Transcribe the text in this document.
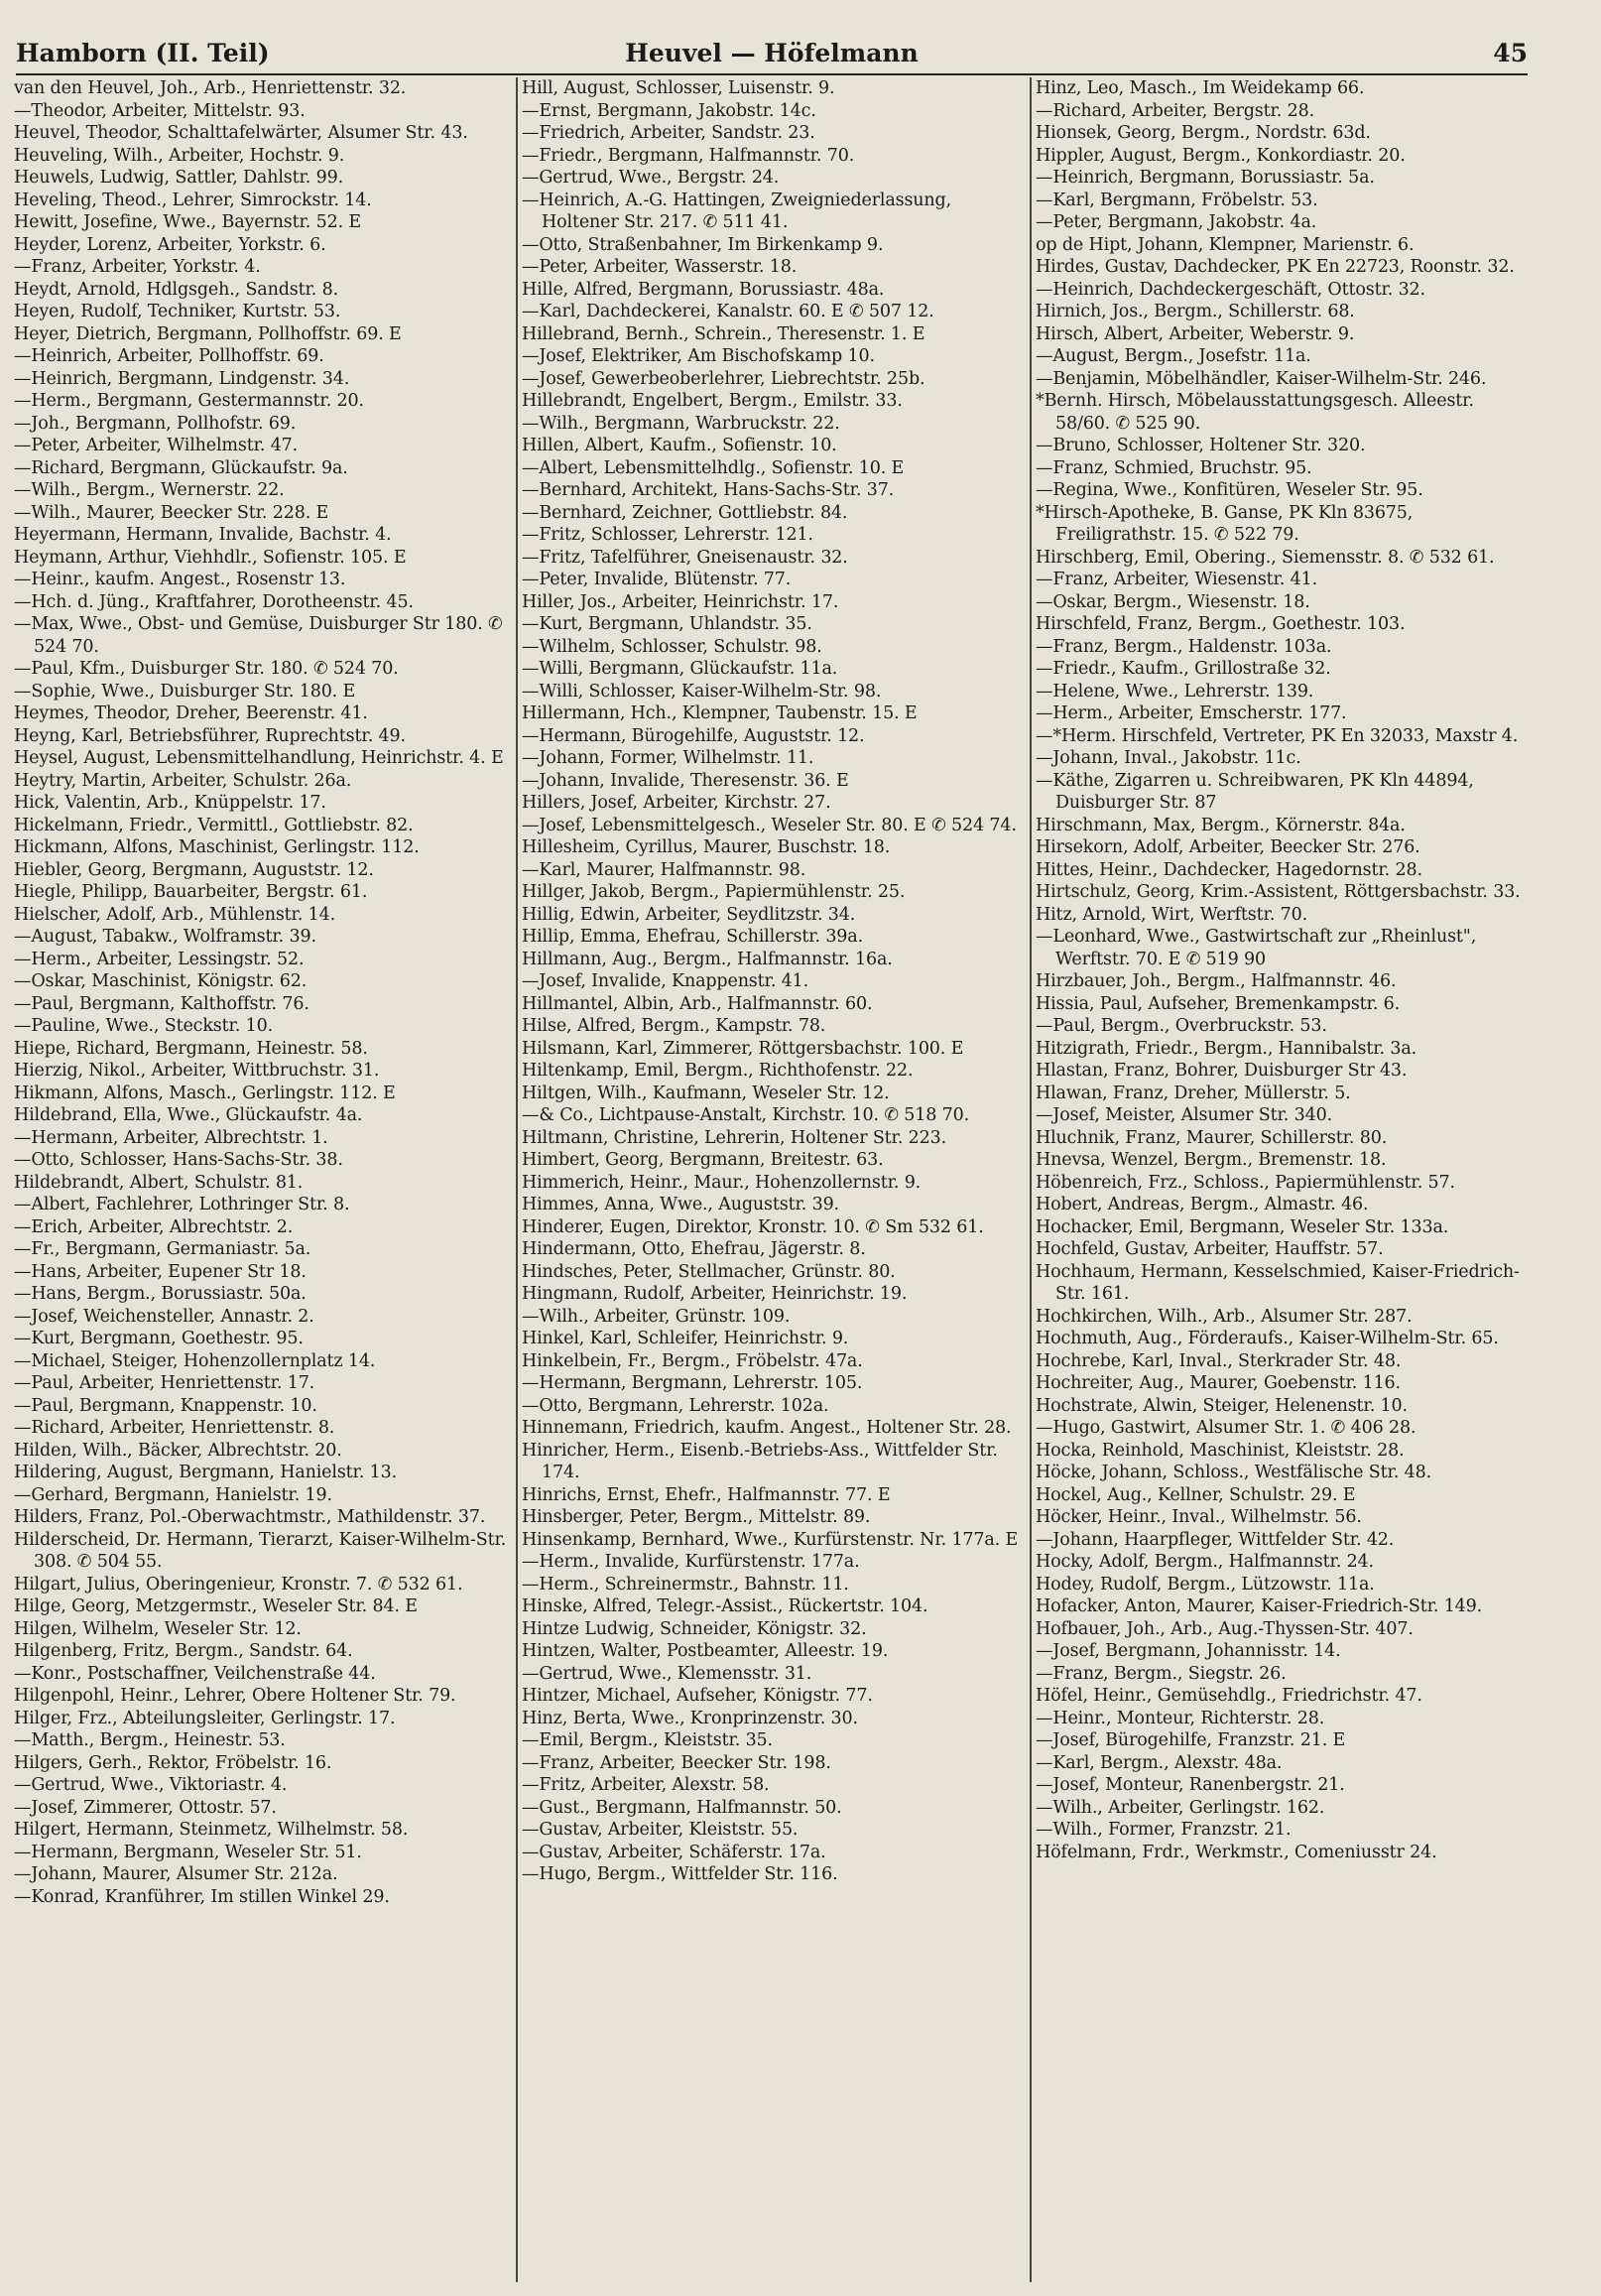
Hamborn (II. Teil)	Heuvel — Höfelmann	45
van den Heuvel, Joh., Arb., Henriettenstr. 32.
—Theodor, Arbeiter, Mittelstr. 93.
Heuvel, Theodor, Schalttafelwärter, Alsumer Str. 43.
Heuveling, Wilh., Arbeiter, Hochstr. 9.
Heuwels, Ludwig, Sattler, Dahlstr. 99.
Heveling, Theod., Lehrer, Simrockstr. 14.
Hewitt, Josefine, Wwe., Bayernstr. 52. E
Heyder, Lorenz, Arbeiter, Yorkstr. 6.
—Franz, Arbeiter, Yorkstr. 4.
Heydt, Arnold, Hdlgsgeh., Sandstr. 8.
Heyen, Rudolf, Techniker, Kurtstr. 53.
Heyer, Dietrich, Bergmann, Pollhoffstr. 69. E
—Heinrich, Arbeiter, Pollhoffstr. 69.
—Heinrich, Bergmann, Lindgenstr. 34.
—Herm., Bergmann, Gestermannstr. 20.
—Joh., Bergmann, Pollhofstr. 69.
—Peter, Arbeiter, Wilhelmstr. 47.
—Richard, Bergmann, Glückaufstr. 9a.
—Wilh., Bergm., Wernerstr. 22.
—Wilh., Maurer, Beecker Str. 228. E
Heyermann, Hermann, Invalide, Bachstr. 4.
Heymann, Arthur, Viehhdlr., Sofienstr. 105. E
—Heinr., kaufm. Angest., Rosenstr 13.
—Hch. d. Jüng., Kraftfahrer, Dorotheenstr. 45.
—Max, Wwe., Obst- und Gemüse, Duisburger Str 180. ✆ 524 70.
—Paul, Kfm., Duisburger Str. 180. ✆ 524 70.
—Sophie, Wwe., Duisburger Str. 180. E
Heymes, Theodor, Dreher, Beerenstr. 41.
Heyng, Karl, Betriebsführer, Ruprechtstr. 49.
Heysel, August, Lebensmittelhandlung, Heinrichstr. 4. E
Heytry, Martin, Arbeiter, Schulstr. 26a.
Hick, Valentin, Arb., Knüppelstr. 17.
Hickelmann, Friedr., Vermittl., Gottliebstr. 82.
Hickmann, Alfons, Maschinist, Gerlingstr. 112.
Hiebler, Georg, Bergmann, Auguststr. 12.
Hiegle, Philipp, Bauarbeiter, Bergstr. 61.
Hielscher, Adolf, Arb., Mühlenstr. 14.
—August, Tabakw., Wolframstr. 39.
—Herm., Arbeiter, Lessingstr. 52.
—Oskar, Maschinist, Königstr. 62.
—Paul, Bergmann, Kalthoffstr. 76.
—Pauline, Wwe., Steckstr. 10.
Hiepe, Richard, Bergmann, Heinestr. 58.
Hierzig, Nikol., Arbeiter, Wittbruchstr. 31.
Hikmann, Alfons, Masch., Gerlingstr. 112. E
Hildebrand, Ella, Wwe., Glückaufstr. 4a.
—Hermann, Arbeiter, Albrechtstr. 1.
—Otto, Schlosser, Hans-Sachs-Str. 38.
Hildebrandt, Albert, Schulstr. 81.
—Albert, Fachlehrer, Lothringer Str. 8.
—Erich, Arbeiter, Albrechtstr. 2.
—Fr., Bergmann, Germaniastr. 5a.
—Hans, Arbeiter, Eupener Str 18.
—Hans, Bergm., Borussiastr. 50a.
—Josef, Weichensteller, Annastr. 2.
—Kurt, Bergmann, Goethestr. 95.
—Michael, Steiger, Hohenzollernplatz 14.
—Paul, Arbeiter, Henriettenstr. 17.
—Paul, Bergmann, Knappenstr. 10.
—Richard, Arbeiter, Henriettenstr. 8.
Hilden, Wilh., Bäcker, Albrechtstr. 20.
Hildering, August, Bergmann, Hanielstr. 13.
—Gerhard, Bergmann, Hanielstr. 19.
Hilders, Franz, Pol.-Oberwachtmstr., Mathildenstr. 37.
Hilderscheid, Dr. Hermann, Tierarzt, Kaiser-Wilhelm-Str. 308. ✆ 504 55.
Hilgart, Julius, Oberingenieur, Kronstr. 7. ✆ 532 61.
Hilge, Georg, Metzgermstr., Weseler Str. 84. E
Hilgen, Wilhelm, Weseler Str. 12.
Hilgenberg, Fritz, Bergm., Sandstr. 64.
—Konr., Postschaffner, Veilchenstraße 44.
Hilgenpohl, Heinr., Lehrer, Obere Holtener Str. 79.
Hilger, Frz., Abteilungsleiter, Gerlingstr. 17.
—Matth., Bergm., Heinestr. 53.
Hilgers, Gerh., Rektor, Fröbelstr. 16.
—Gertrud, Wwe., Viktoriastr. 4.
—Josef, Zimmerer, Ottostr. 57.
Hilgert, Hermann, Steinmetz, Wilhelmstr. 58.
—Hermann, Bergmann, Weseler Str. 51.
—Johann, Maurer, Alsumer Str. 212a.
—Konrad, Kranführer, Im stillen Winkel 29.
Hill, August, Schlosser, Luisenstr. 9.
—Ernst, Bergmann, Jakobstr. 14c.
—Friedrich, Arbeiter, Sandstr. 23.
—Friedr., Bergmann, Halfmannstr. 70.
—Gertrud, Wwe., Bergstr. 24.
—Heinrich, A.-G. Hattingen, Zweigniederlassung, Holtener Str. 217. ✆ 511 41.
—Otto, Straßenbahner, Im Birkenkamp 9.
—Peter, Arbeiter, Wasserstr. 18.
Hille, Alfred, Bergmann, Borussiastr. 48a.
—Karl, Dachdeckerei, Kanalstr. 60. E ✆ 507 12.
Hillebrand, Bernh., Schrein., Theresenstr. 1. E
—Josef, Elektriker, Am Bischofskamp 10.
—Josef, Gewerbeoberlehrer, Liebrechtstr. 25b.
Hillebrandt, Engelbert, Bergm., Emilstr. 33.
—Wilh., Bergmann, Warbruckstr. 22.
Hillen, Albert, Kaufm., Sofienstr. 10.
—Albert, Lebensmittelhdlg., Sofienstr. 10. E
—Bernhard, Architekt, Hans-Sachs-Str. 37.
—Bernhard, Zeichner, Gottliebstr. 84.
—Fritz, Schlosser, Lehrerstr. 121.
—Fritz, Tafelführer, Gneisenaustr. 32.
—Peter, Invalide, Blütenstr. 77.
Hiller, Jos., Arbeiter, Heinrichstr. 17.
—Kurt, Bergmann, Uhlandstr. 35.
—Wilhelm, Schlosser, Schulstr. 98.
—Willi, Bergmann, Glückaufstr. 11a.
—Willi, Schlosser, Kaiser-Wilhelm-Str. 98.
Hillermann, Hch., Klempner, Taubenstr. 15. E
—Hermann, Bürogehilfe, Auguststr. 12.
—Johann, Former, Wilhelmstr. 11.
—Johann, Invalide, Theresenstr. 36. E
Hillers, Josef, Arbeiter, Kirchstr. 27.
—Josef, Lebensmittelgesch., Weseler Str. 80. E ✆ 524 74.
Hillesheim, Cyrillus, Maurer, Buschstr. 18.
—Karl, Maurer, Halfmannstr. 98.
Hillger, Jakob, Bergm., Papiermühlenstr. 25.
Hillig, Edwin, Arbeiter, Seydlitzstr. 34.
Hillip, Emma, Ehefrau, Schillerstr. 39a.
Hillmann, Aug., Bergm., Halfmannstr. 16a.
—Josef, Invalide, Knappenstr. 41.
Hillmantel, Albin, Arb., Halfmannstr. 60.
Hilse, Alfred, Bergm., Kampstr. 78.
Hilsmann, Karl, Zimmerer, Röttgersbachstr. 100. E
Hiltenkamp, Emil, Bergm., Richthofenstr. 22.
Hiltgen, Wilh., Kaufmann, Weseler Str. 12.
—& Co., Lichtpause-Anstalt, Kirchstr. 10. ✆ 518 70.
Hiltmann, Christine, Lehrerin, Holtener Str. 223.
Himbert, Georg, Bergmann, Breitestr. 63.
Himmerich, Heinr., Maur., Hohenzollernstr. 9.
Himmes, Anna, Wwe., Auguststr. 39.
Hinderer, Eugen, Direktor, Kronstr. 10. ✆ Sm 532 61.
Hindermann, Otto, Ehefrau, Jägerstr. 8.
Hindsches, Peter, Stellmacher, Grünstr. 80.
Hingmann, Rudolf, Arbeiter, Heinrichstr. 19.
—Wilh., Arbeiter, Grünstr. 109.
Hinkel, Karl, Schleifer, Heinrichstr. 9.
Hinkelbein, Fr., Bergm., Fröbelstr. 47a.
—Hermann, Bergmann, Lehrerstr. 105.
—Otto, Bergmann, Lehrerstr. 102a.
Hinnemann, Friedrich, kaufm. Angest., Holtener Str. 28.
Hinricher, Herm., Eisenb.-Betriebs-Ass., Wittfelder Str. 174.
Hinrichs, Ernst, Ehefr., Halfmannstr. 77. E
Hinsberger, Peter, Bergm., Mittelstr. 89.
Hinsenkamp, Bernhard, Wwe., Kurfürstenstr. Nr. 177a. E
—Herm., Invalide, Kurfürstenstr. 177a.
—Herm., Schreinermstr., Bahnstr. 11.
Hinske, Alfred, Telegr.-Assist., Rückertstr. 104.
Hintze Ludwig, Schneider, Königstr. 32.
Hintzen, Walter, Postbeamter, Alleestr. 19.
—Gertrud, Wwe., Klemensstr. 31.
Hintzer, Michael, Aufseher, Königstr. 77.
Hinz, Berta, Wwe., Kronprinzenstr. 30.
—Emil, Bergm., Kleiststr. 35.
—Franz, Arbeiter, Beecker Str. 198.
—Fritz, Arbeiter, Alexstr. 58.
—Gust., Bergmann, Halfmannstr. 50.
—Gustav, Arbeiter, Kleiststr. 55.
—Gustav, Arbeiter, Schäferstr. 17a.
—Hugo, Bergm., Wittfelder Str. 116.
Hinz, Leo, Masch., Im Weidekamp 66.
—Richard, Arbeiter, Bergstr. 28.
Hionsek, Georg, Bergm., Nordstr. 63d.
Hippler, August, Bergm., Konkordiastr. 20.
—Heinrich, Bergmann, Borussiastr. 5a.
—Karl, Bergmann, Fröbelstr. 53.
—Peter, Bergmann, Jakobstr. 4a.
op de Hipt, Johann, Klempner, Marienstr. 6.
Hirdes, Gustav, Dachdecker, PK En 22723, Roonstr. 32.
—Heinrich, Dachdeckergeschäft, Ottostr. 32.
Hirnich, Jos., Bergm., Schillerstr. 68.
Hirsch, Albert, Arbeiter, Weberstr. 9.
—August, Bergm., Josefstr. 11a.
—Benjamin, Möbelhändler, Kaiser-Wilhelm-Str. 246.
*Bernh. Hirsch, Möbelausstattungsgesch. Alleestr. 58/60. ✆ 525 90.
—Bruno, Schlosser, Holtener Str. 320.
—Franz, Schmied, Bruchstr. 95.
—Regina, Wwe., Konfitüren, Weseler Str. 95.
*Hirsch-Apotheke, B. Ganse, PK Kln 83675, Freiligrathstr. 15. ✆ 522 79.
Hirschberg, Emil, Obering., Siemensstr. 8. ✆ 532 61.
—Franz, Arbeiter, Wiesenstr. 41.
—Oskar, Bergm., Wiesenstr. 18.
Hirschfeld, Franz, Bergm., Goethestr. 103.
—Franz, Bergm., Haldenstr. 103a.
—Friedr., Kaufm., Grillostraße 32.
—Helene, Wwe., Lehrerstr. 139.
—Herm., Arbeiter, Emscherstr. 177.
—*Herm. Hirschfeld, Vertreter, PK En 32033, Maxstr 4.
—Johann, Inval., Jakobstr. 11c.
—Käthe, Zigarren u. Schreibwaren, PK Kln 44894, Duisburger Str. 87
Hirschmann, Max, Bergm., Körnerstr. 84a.
Hirsekorn, Adolf, Arbeiter, Beecker Str. 276.
Hittes, Heinr., Dachdecker, Hagedornstr. 28.
Hirtschulz, Georg, Krim.-Assistent, Röttgersbachstr. 33.
Hitz, Arnold, Wirt, Werftstr. 70.
—Leonhard, Wwe., Gastwirtschaft zur „Rheinlust", Werftstr. 70. E ✆ 519 90
Hirzbauer, Joh., Bergm., Halfmannstr. 46.
Hissia, Paul, Aufseher, Bremenkampstr. 6.
—Paul, Bergm., Overbruckstr. 53.
Hitzigrath, Friedr., Bergm., Hannibalstr. 3a.
Hlastan, Franz, Bohrer, Duisburger Str 43.
Hlawan, Franz, Dreher, Müllerstr. 5.
—Josef, Meister, Alsumer Str. 340.
Hluchnik, Franz, Maurer, Schillerstr. 80.
Hnevsa, Wenzel, Bergm., Bremenstr. 18.
Höbenreich, Frz., Schloss., Papiermühlenstr. 57.
Hobert, Andreas, Bergm., Almastr. 46.
Hochacker, Emil, Bergmann, Weseler Str. 133a.
Hochfeld, Gustav, Arbeiter, Hauffstr. 57.
Hochhaum, Hermann, Kesselschmied, Kaiser-Friedrich-Str. 161.
Hochkirchen, Wilh., Arb., Alsumer Str. 287.
Hochmuth, Aug., Förderaufs., Kaiser-Wilhelm-Str. 65.
Hochrebe, Karl, Inval., Sterkrader Str. 48.
Hochreiter, Aug., Maurer, Goebenstr. 116.
Hochstrate, Alwin, Steiger, Helenenstr. 10.
—Hugo, Gastwirt, Alsumer Str. 1. ✆ 406 28.
Hocka, Reinhold, Maschinist, Kleiststr. 28.
Höcke, Johann, Schloss., Westfälische Str. 48.
Hockel, Aug., Kellner, Schulstr. 29. E
Höcker, Heinr., Inval., Wilhelmstr. 56.
—Johann, Haarpfleger, Wittfelder Str. 42.
Hocky, Adolf, Bergm., Halfmannstr. 24.
Hodey, Rudolf, Bergm., Lützowstr. 11a.
Hofacker, Anton, Maurer, Kaiser-Friedrich-Str. 149.
Hofbauer, Joh., Arb., Aug.-Thyssen-Str. 407.
—Josef, Bergmann, Johannisstr. 14.
—Franz, Bergm., Siegstr. 26.
Höfel, Heinr., Gemüsehdlg., Friedrichstr. 47.
—Heinr., Monteur, Richterstr. 28.
—Josef, Bürogehilfe, Franzstr. 21. E
—Karl, Bergm., Alexstr. 48a.
—Josef, Monteur, Ranenbergstr. 21.
—Wilh., Arbeiter, Gerlingstr. 162.
—Wilh., Former, Franzstr. 21.
Höfelmann, Frdr., Werkmstr., Comeniusstr 24.
